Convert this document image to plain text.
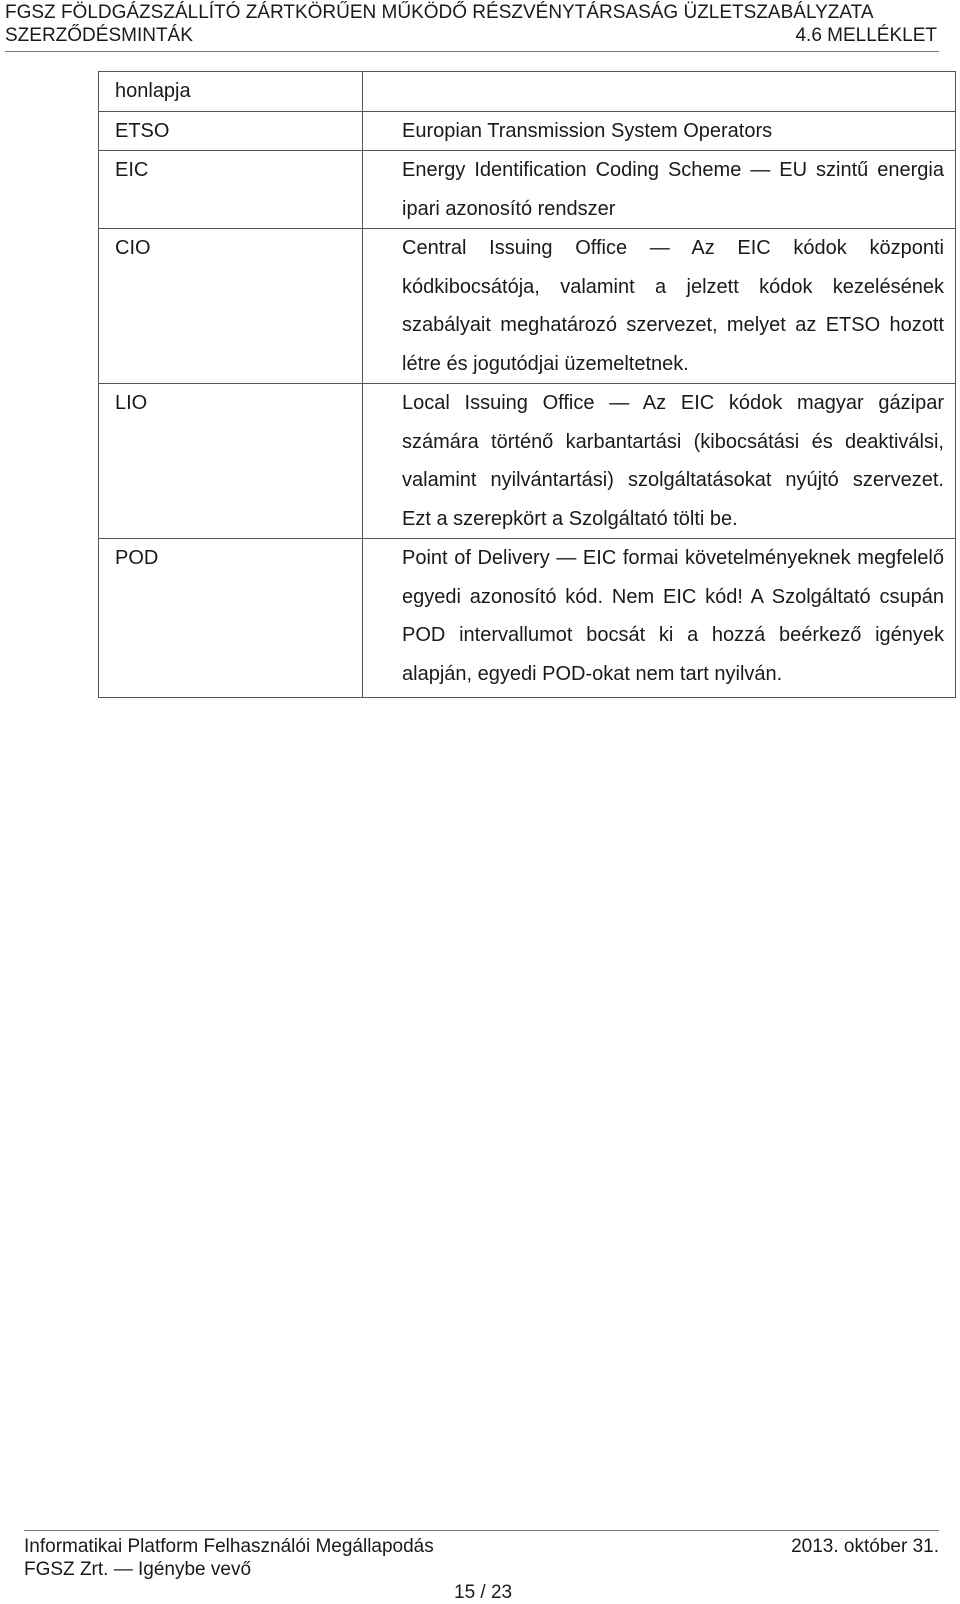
FGSZ FÖLDGÁZSZÁLLÍTÓ ZÁRTKÖRŰEN MŰKÖDŐ RÉSZVÉNYTÁRSASÁG ÜZLETSZABÁLYZATA
SZERZŐDÉSMINTÁK	4.6 MELLÉKLET
honlapja	

ETSO	Europian Transmission System Operators

EIC	Energy Identification Coding Scheme — EU szintű energia ipari azonosító rendszer

CIO	Central Issuing Office — Az EIC kódok központi kódkibocsátója, valamint a jelzett kódok kezelésének szabályait meghatározó szervezet, melyet az ETSO hozott létre és jogutódjai üzemeltetnek.

LIO	Local Issuing Office — Az EIC kódok magyar gázipar számára történő karbantartási (kibocsátási és deaktiválsi, valamint nyilvántartási) szolgáltatásokat nyújtó szervezet. Ezt a szerepkört a Szolgáltató tölti be.

POD	Point of Delivery — EIC formai követelményeknek megfelelő egyedi azonosító kód. Nem EIC kód! A Szolgáltató csupán POD intervallumot bocsát ki a hozzá beérkező igények alapján, egyedi POD-okat nem tart nyilván.
Informatikai Platform Felhasználói Megállapodás
FGSZ Zrt. — Igénybe vevő
2013. október 31.
15 / 23
